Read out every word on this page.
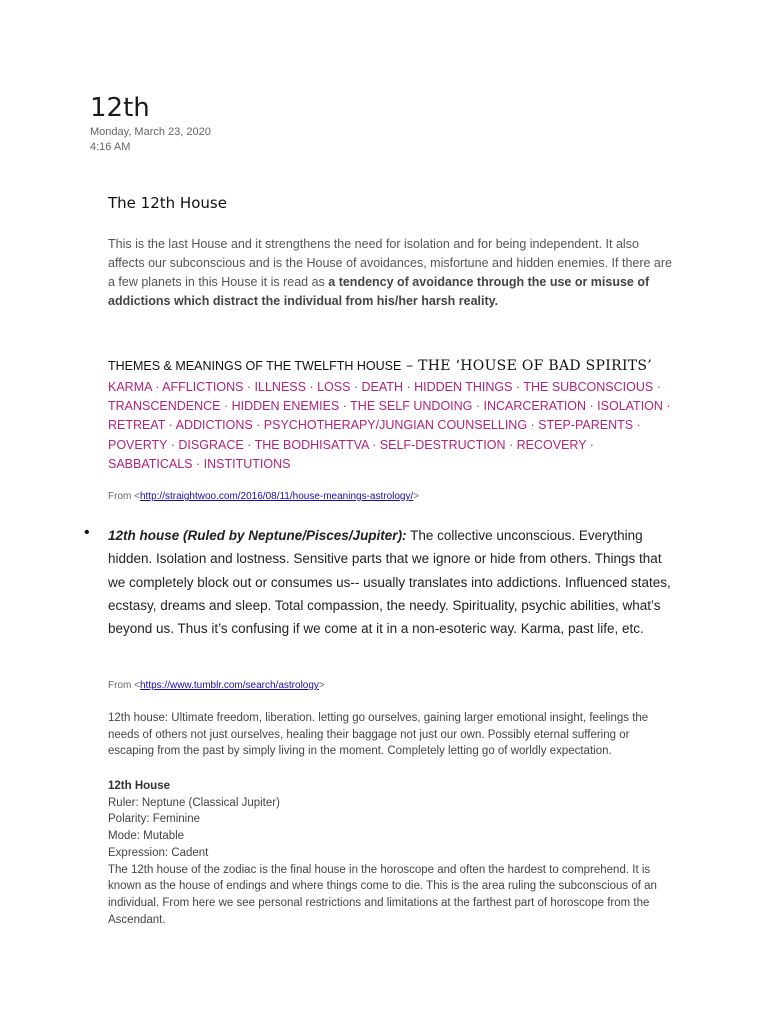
12th
Monday, March 23, 2020
4:16 AM
The 12th House
This is the last House and it strengthens the need for isolation and for being independent. It also affects our subconscious and is the House of avoidances, misfortune and hidden enemies. If there are a few planets in this House it is read as a tendency of avoidance through the use or misuse of addictions which distract the individual from his/her harsh reality.
THEMES & MEANINGS OF THE TWELFTH HOUSE – THE ‘HOUSE OF BAD SPIRITS’
KARMA · AFFLICTIONS · ILLNESS · LOSS · DEATH · HIDDEN THINGS · THE SUBCONSCIOUS · TRANSCENDENCE · HIDDEN ENEMIES · THE SELF UNDOING · INCARCERATION · ISOLATION · RETREAT · ADDICTIONS · PSYCHOTHERAPY/JUNGIAN COUNSELLING · STEP-PARENTS · POVERTY · DISGRACE · THE BODHISATTVA · SELF-DESTRUCTION · RECOVERY · SABBATICALS · INSTITUTIONS
From <http://straightwoo.com/2016/08/11/house-meanings-astrology/>
• 12th house (Ruled by Neptune/Pisces/Jupiter): The collective unconscious. Everything hidden. Isolation and lostness. Sensitive parts that we ignore or hide from others. Things that we completely block out or consumes us-- usually translates into addictions. Influenced states, ecstasy, dreams and sleep. Total compassion, the needy. Spirituality, psychic abilities, what’s beyond us. Thus it’s confusing if we come at it in a non-esoteric way. Karma, past life, etc.
From <https://www.tumblr.com/search/astrology>
12th house: Ultimate freedom, liberation. letting go ourselves, gaining larger emotional insight, feelings the needs of others not just ourselves, healing their baggage not just our own. Possibly eternal suffering or escaping from the past by simply living in the moment. Completely letting go of worldly expectation.
12th House
Ruler: Neptune (Classical Jupiter)
Polarity: Feminine
Mode: Mutable
Expression: Cadent
The 12th house of the zodiac is the final house in the horoscope and often the hardest to comprehend. It is known as the house of endings and where things come to die. This is the area ruling the subconscious of an individual. From here we see personal restrictions and limitations at the farthest part of horoscope from the Ascendant.
